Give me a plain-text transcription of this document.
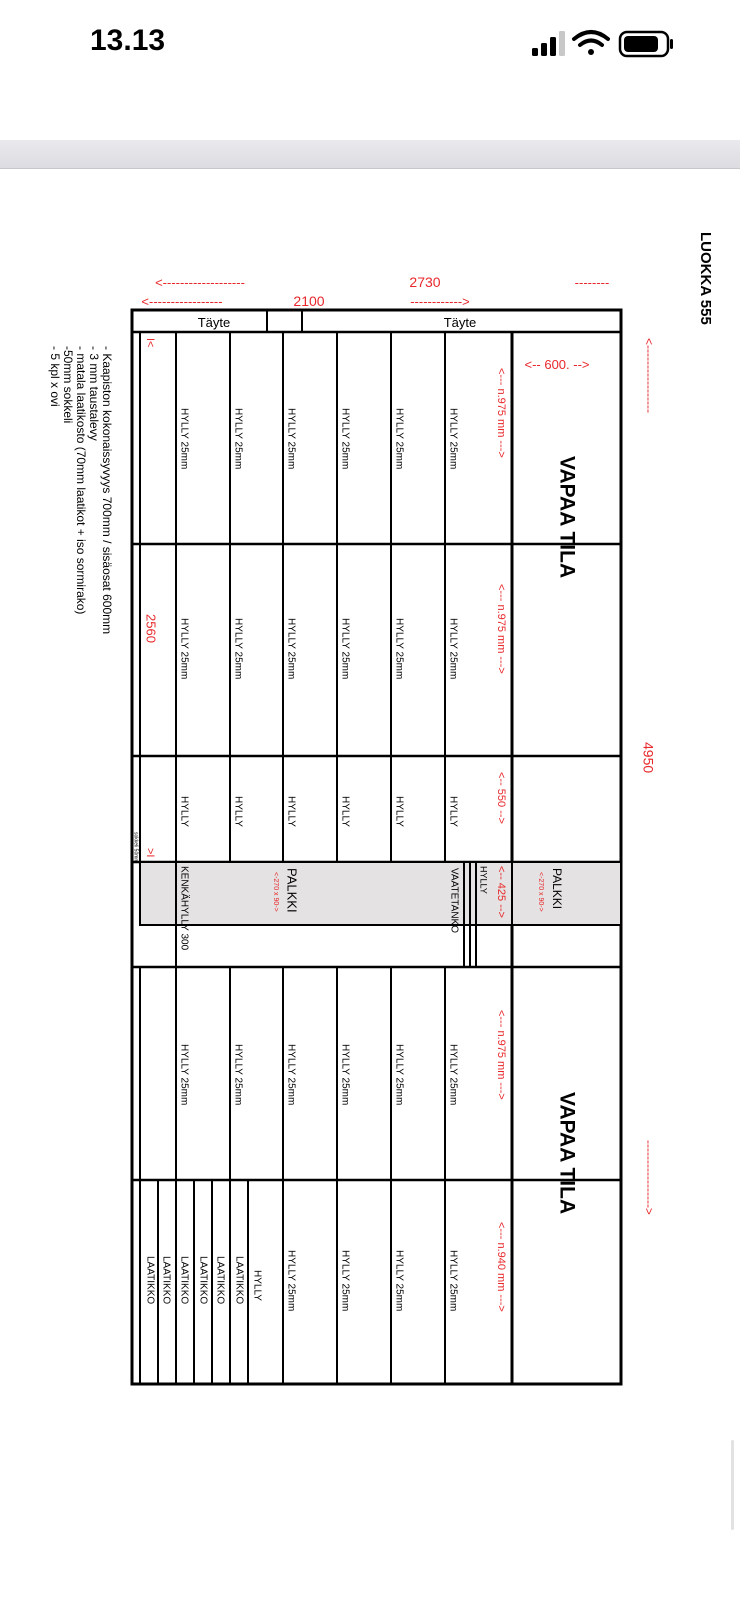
13.13
LUOKKA 555
<-------------------	2730	--------
<-----------------	2100	------------>
<-----------------
4950
----------------->
Täyte	Täyte
HYLLY 25mm	HYLLY 25mm	HYLLY 25mm	HYLLY 25mm	HYLLY 25mm	HYLLY 25mm
HYLLY 25mm	HYLLY 25mm	HYLLY 25mm	HYLLY 25mm	HYLLY 25mm	HYLLY 25mm
HYLLY	HYLLY	HYLLY	HYLLY	HYLLY	HYLLY
HYLLY 25mm	HYLLY 25mm	HYLLY 25mm	HYLLY 25mm	HYLLY 25mm	HYLLY 25mm
HYLLY 25mm	HYLLY 25mm	HYLLY 25mm	HYLLY 25mm
<--- n.975 mm --->
<--- n.975 mm --->
<-- 550 -->
<-- 425 -->
<--- n.975 mm --->
<--- n.940 mm --->
<-- 600. -->
VAPAA TILA
VAPAA TILA
PALKKI
<-270 x 90->
PALKKI
<-270 x 90->	VAATETANKO HYLLY
KENKÄHYLLY 300
I<
2560
>I
sokkeli 50mm
LAATIKKO LAATIKKO LAATIKKO LAATIKKO LAATIKKO LAATIKKO HYLLY
- Kaapiston kokonaissyvyys 700mm / sisäosat 600mm
- 3 mm taustalevy
- matala laatikosto (70mm laatikot + iso sormirako)
-50mm sokkeli
- 5 kpl x ovi
